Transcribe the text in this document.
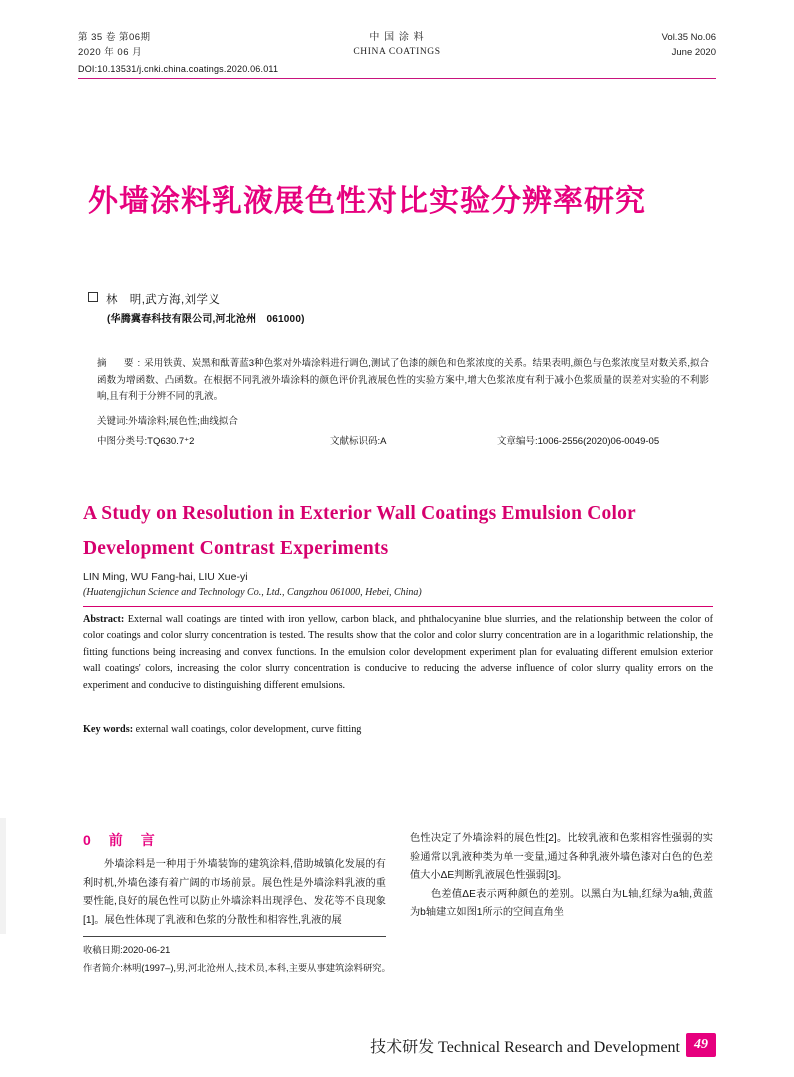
第 35 卷 第06期
2020 年 06 月
中 国 涂 料
CHINA COATINGS
Vol.35 No.06
June 2020
DOI:10.13531/j.cnki.china.coatings.2020.06.011
外墙涂料乳液展色性对比实验分辨率研究
林　明,武方海,刘学义
(华腾冀春科技有限公司,河北沧州　061000)
摘　要:采用铁黄、炭黑和酞菁蓝3种色浆对外墙涂料进行调色,测试了色漆的颜色和色浆浓度的关系。结果表明,颜色与色浆浓度呈对数关系,拟合函数为增函数、凸函数。在根据不同乳液外墙涂料的颜色评价乳液展色性的实验方案中,增大色浆浓度有利于减小色浆质量的误差对实验的不利影响,且有利于分辨不同的乳液。
关键词:外墙涂料;展色性;曲线拟合
中图分类号:TQ630.7⁺2	文献标识码:A	文章编号:1006-2556(2020)06-0049-05
A Study on Resolution in Exterior Wall Coatings Emulsion Color Development Contrast Experiments
LIN Ming, WU Fang-hai, LIU Xue-yi
(Huatengjichun Science and Technology Co., Ltd., Cangzhou 061000, Hebei, China)
Abstract: External wall coatings are tinted with iron yellow, carbon black, and phthalocyanine blue slurries, and the relationship between the color of color coatings and color slurry concentration is tested. The results show that the color and color slurry concentration are in a logarithmic relationship, the fitting functions being increasing and convex functions. In the emulsion color development experiment plan for evaluating different emulsion exterior wall coatings' colors, increasing the color slurry concentration is conducive to reducing the adverse influence of color slurry quality errors on the experiment and conducive to distinguishing different emulsions.
Key words: external wall coatings, color development, curve fitting
0　前　言

外墙涂料是一种用于外墙装饰的建筑涂料,借助城镇化发展的有利时机,外墙色漆有着广阔的市场前景。展色性是外墙涂料乳液的重要性能,良好的展色性可以防止外墙涂料出现浮色、发花等不良现象[1]。展色性体现了乳液和色浆的分散性和相容性,乳液的展

色性决定了外墙涂料的展色性[2]。比较乳液和色浆相容性强弱的实验通常以乳液种类为单一变量,通过各种乳液外墙色漆对白色的色差值大小ΔE判断乳液展色性强弱[3]。

色差值ΔE表示两种颜色的差别。以黑白为L轴,红绿为a轴,黄蓝为b轴建立如图1所示的空间直角坐

收稿日期:2020-06-21
作者简介:林明(1997–),男,河北沧州人,技术员,本科,主要从事建筑涂料研究。
技术研发 Technical Research and Development	49
